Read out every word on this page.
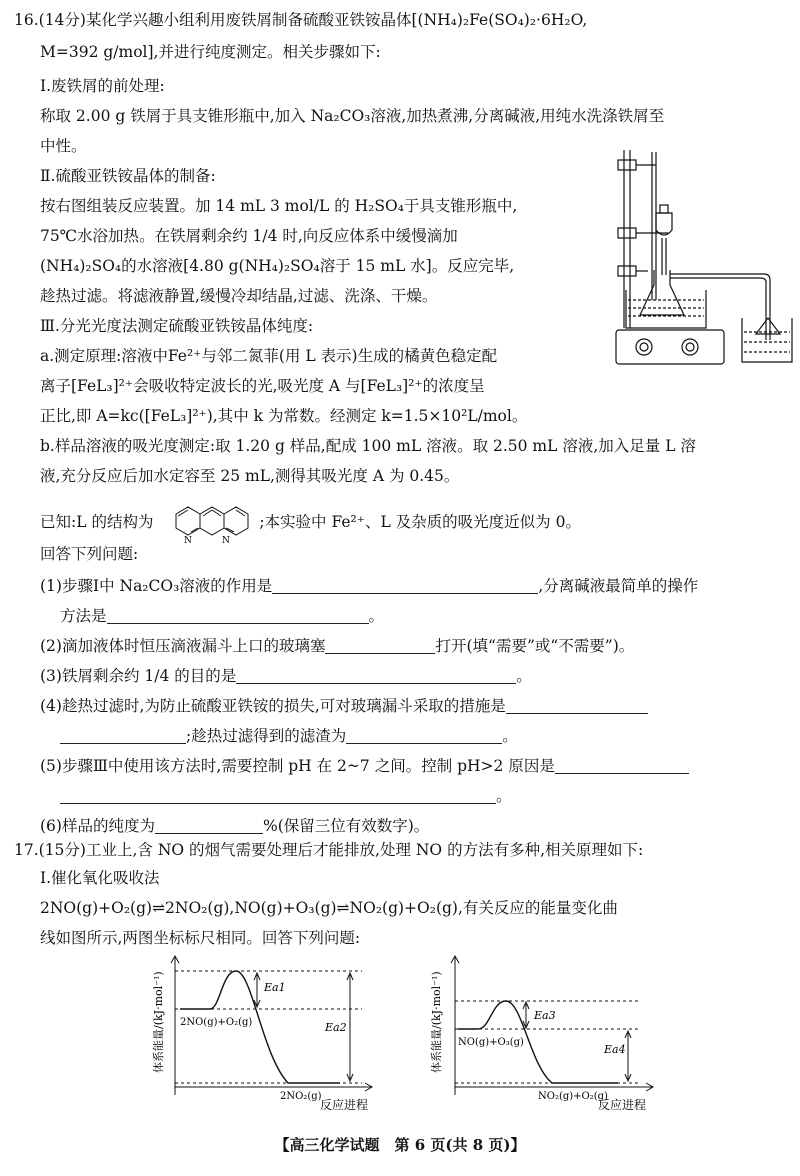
16.(14分)某化学兴趣小组利用废铁屑制备硫酸亚铁铵晶体[(NH₄)₂Fe(SO₄)₂·6H₂O,
M=392 g/mol],并进行纯度测定。相关步骤如下:
Ⅰ.废铁屑的前处理:
称取 2.00 g 铁屑于具支锥形瓶中,加入 Na₂CO₃溶液,加热煮沸,分离碱液,用纯水洗涤铁屑至
中性。
Ⅱ.硫酸亚铁铵晶体的制备:
按右图组装反应装置。加 14 mL 3 mol/L 的 H₂SO₄于具支锥形瓶中,
75℃水浴加热。在铁屑剩余约 1/4 时,向反应体系中缓慢滴加
(NH₄)₂SO₄的水溶液[4.80 g(NH₄)₂SO₄溶于 15 mL 水]。反应完毕,
趁热过滤。将滤液静置,缓慢冷却结晶,过滤、洗涤、干燥。
Ⅲ.分光光度法测定硫酸亚铁铵晶体纯度:
a.测定原理:溶液中Fe²⁺与邻二氮菲(用 L 表示)生成的橘黄色稳定配
离子[FeL₃]²⁺会吸收特定波长的光,吸光度 A 与[FeL₃]²⁺的浓度呈
正比,即 A=kc([FeL₃]²⁺),其中 k 为常数。经测定 k=1.5×10²L/mol。
b.样品溶液的吸光度测定:取 1.20 g 样品,配成 100 mL 溶液。取 2.50 mL 溶液,加入足量 L 溶
液,充分反应后加水定容至 25 mL,测得其吸光度 A 为 0.45。
已知:L 的结构为
N	N
;本实验中 Fe²⁺、L 及杂质的吸光度近似为 0。
回答下列问题:
(1)步骤Ⅰ中 Na₂CO₃溶液的作用是	,分离碱液最简单的操作
方法是	。
(2)滴加液体时恒压滴液漏斗上口的玻璃塞	打开(填“需要”或“不需要”)。
(3)铁屑剩余约 1/4 的目的是	。
(4)趁热过滤时,为防止硫酸亚铁铵的损失,可对玻璃漏斗采取的措施是
;趁热过滤得到的滤渣为	。
(5)步骤Ⅲ中使用该方法时,需要控制 pH 在 2~7 之间。控制 pH>2 原因是
。
(6)样品的纯度为	%(保留三位有效数字)。
17.(15分)工业上,含 NO 的烟气需要处理后才能排放,处理 NO 的方法有多种,相关原理如下:
Ⅰ.催化氧化吸收法
2NO(g)+O₂(g)⇌2NO₂(g),NO(g)+O₃(g)⇌NO₂(g)+O₂(g),有关反应的能量变化曲
线如图所示,两图坐标标尺相同。回答下列问题:
体系能量/(kJ·mol⁻¹) 2NO(g)+O₂(g)
2NO₂(g)
Ea1
Ea2
反应进程
体系能量/(kJ·mol⁻¹) NO(g)+O₃(g)
NO₂(g)+O₂(g)
Ea3
Ea4
反应进程
【高三化学试题　第 6 页(共 8 页)】
